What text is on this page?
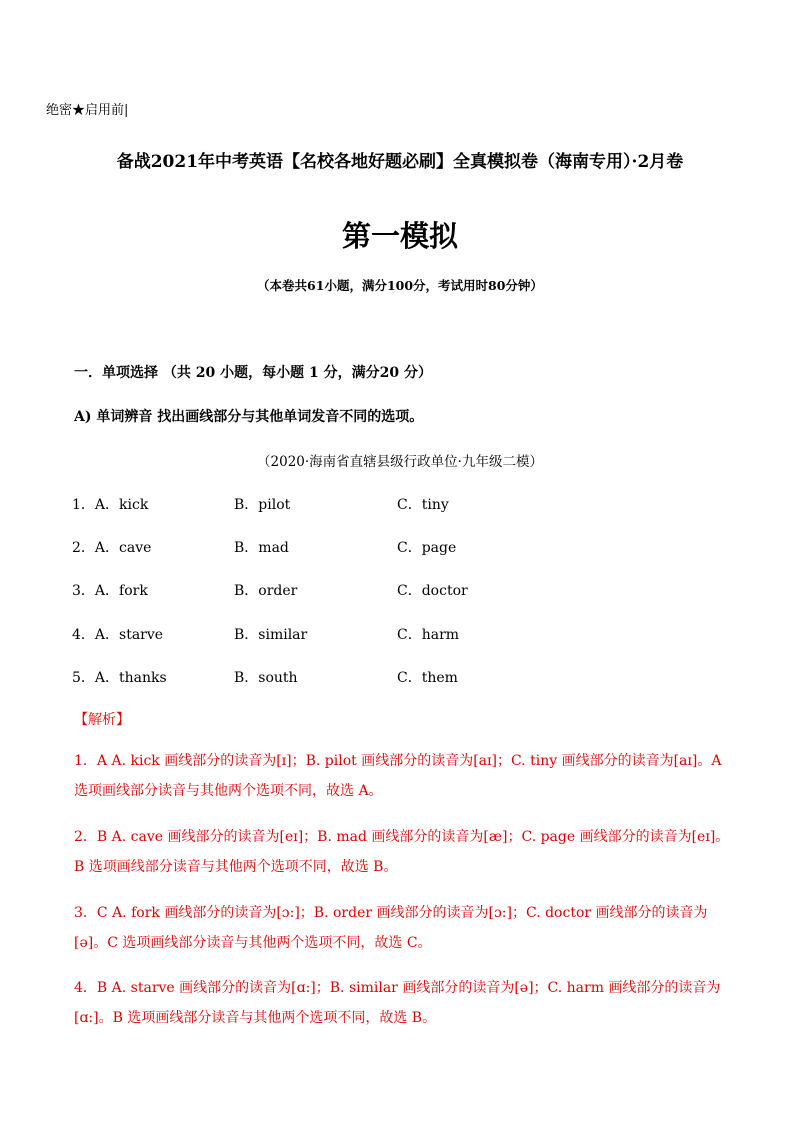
绝密★启用前|
备战2021年中考英语【名校各地好题必刷】全真模拟卷（海南专用）·2月卷
第一模拟
（本卷共61小题，满分100分，考试用时80分钟）
一．单项选择 （共 20 小题，每小题 1 分，满分20 分）
A) 单词辨音 找出画线部分与其他单词发音不同的选项。
（2020·海南省直辖县级行政单位·九年级二模）
1．A．kick	B．pilot	C．tiny
2．A．cave	B．mad	C．page
3．A．fork	B．order	C．doctor
4．A．starve	B．similar	C．harm
5．A．thanks	B．south	C．them
【解析】
1．A A. kick 画线部分的读音为[ɪ]；B. pilot 画线部分的读音为[aɪ]；C. tiny 画线部分的读音为[aɪ]。A 选项画线部分读音与其他两个选项不同，故选 A。
2．B A. cave 画线部分的读音为[eɪ]；B. mad 画线部分的读音为[æ]；C. page 画线部分的读音为[eɪ]。B 选项画线部分读音与其他两个选项不同，故选 B。
3．C A. fork 画线部分的读音为[ɔ:]；B. order 画线部分的读音为[ɔ:]；C. doctor 画线部分的读音为[ə]。C 选项画线部分读音与其他两个选项不同，故选 C。
4．B A. starve 画线部分的读音为[ɑ:]；B. similar 画线部分的读音为[ə]；C. harm 画线部分的读音为[ɑ:]。B 选项画线部分读音与其他两个选项不同，故选 B。
